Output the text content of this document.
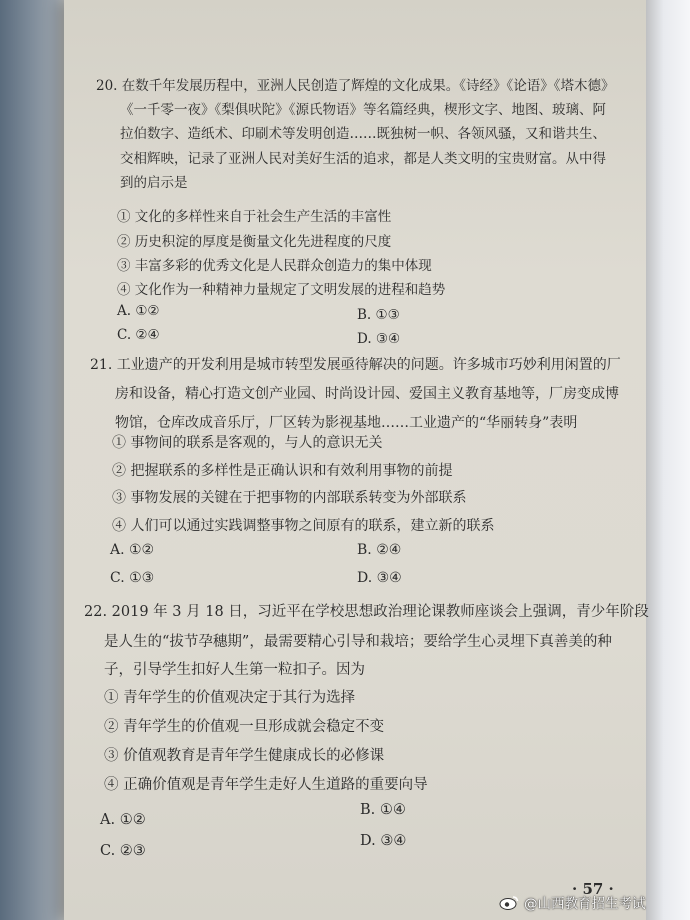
20. 在数千年发展历程中，亚洲人民创造了辉煌的文化成果。《诗经》《论语》《塔木德》
《一千零一夜》《梨俱吠陀》《源氏物语》等名篇经典，楔形文字、地图、玻璃、阿
拉伯数字、造纸术、印刷术等发明创造……既独树一帜、各领风骚，又和谐共生、
交相辉映，记录了亚洲人民对美好生活的追求，都是人类文明的宝贵财富。从中得
到的启示是
① 文化的多样性来自于社会生产生活的丰富性
② 历史积淀的厚度是衡量文化先进程度的尺度
③ 丰富多彩的优秀文化是人民群众创造力的集中体现
④ 文化作为一种精神力量规定了文明发展的进程和趋势
A. ①②	B. ①③
C. ②④	D. ③④
21. 工业遗产的开发利用是城市转型发展亟待解决的问题。许多城市巧妙利用闲置的厂
房和设备，精心打造文创产业园、时尚设计园、爱国主义教育基地等，厂房变成博
物馆，仓库改成音乐厅，厂区转为影视基地……工业遗产的“华丽转身”表明
① 事物间的联系是客观的，与人的意识无关
② 把握联系的多样性是正确认识和有效利用事物的前提
③ 事物发展的关键在于把事物的内部联系转变为外部联系
④ 人们可以通过实践调整事物之间原有的联系，建立新的联系
A. ①②	B. ②④
C. ①③	D. ③④
22. 2019 年 3 月 18 日，习近平在学校思想政治理论课教师座谈会上强调，青少年阶段
是人生的“拔节孕穗期”，最需要精心引导和栽培；要给学生心灵埋下真善美的种
子，引导学生扣好人生第一粒扣子。因为
① 青年学生的价值观决定于其行为选择
② 青年学生的价值观一旦形成就会稳定不变
③ 价值观教育是青年学生健康成长的必修课
④ 正确价值观是青年学生走好人生道路的重要向导
A. ①②
B. ①④
C. ②③
D. ③④
· 57 ·
@山西教育招生考试
